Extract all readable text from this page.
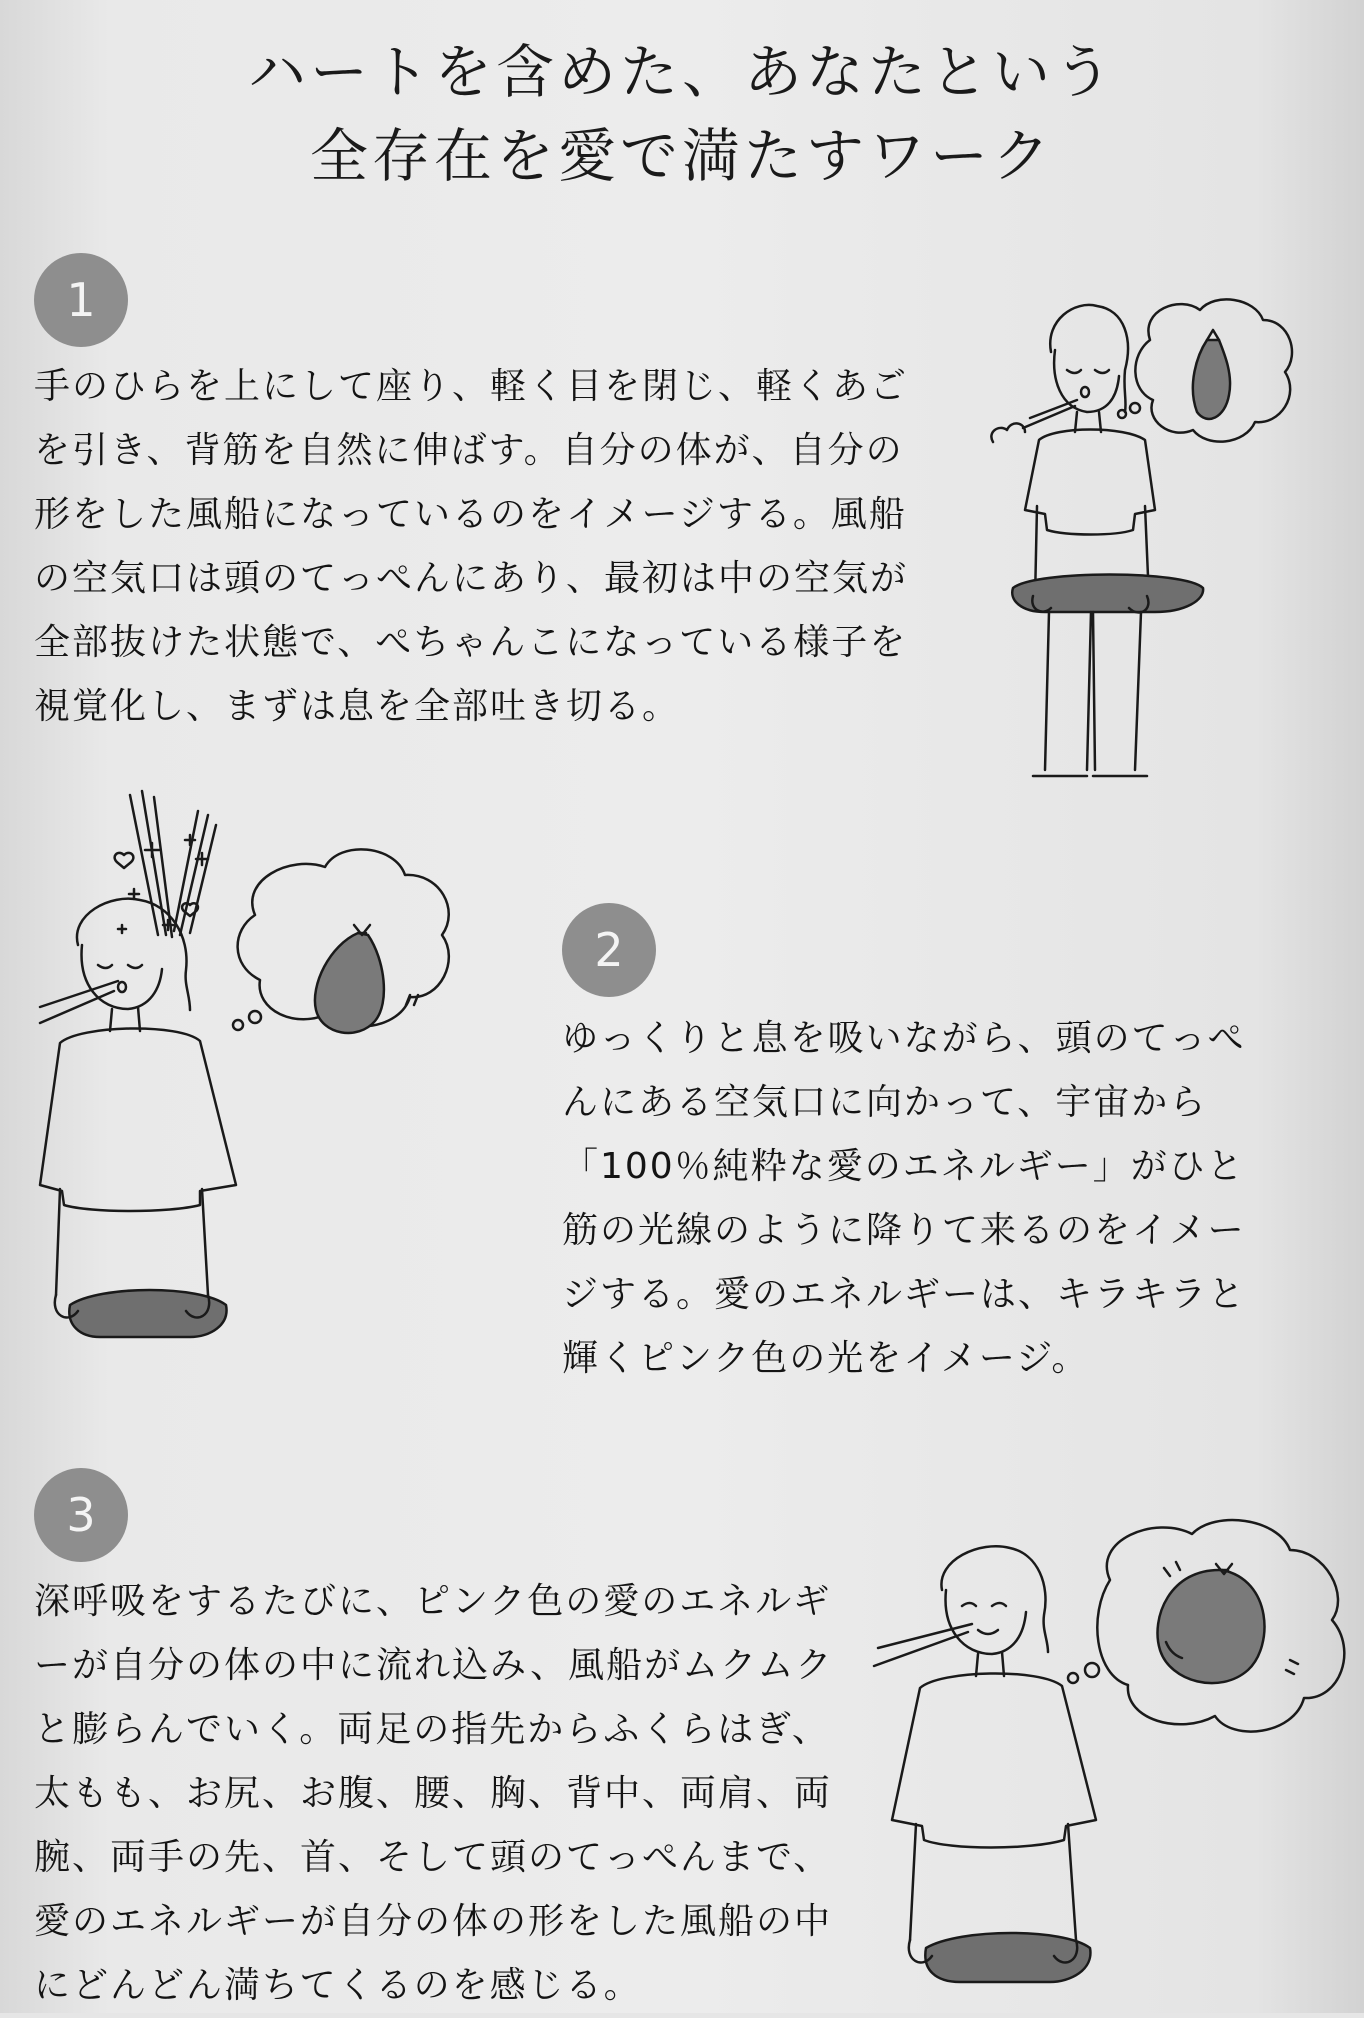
ハートを含めた、あなたという
全存在を愛で満たすワーク
1
手のひらを上にして座り、軽く目を閉じ、軽くあご
を引き、背筋を自然に伸ばす。自分の体が、自分の
形をした風船になっているのをイメージする。風船
の空気口は頭のてっぺんにあり、最初は中の空気が
全部抜けた状態で、ぺちゃんこになっている様子を
視覚化し、まずは息を全部吐き切る。
2
ゆっくりと息を吸いながら、頭のてっぺ
んにある空気口に向かって、宇宙から
「100％純粋な愛のエネルギー」がひと
筋の光線のように降りて来るのをイメー
ジする。愛のエネルギーは、キラキラと
輝くピンク色の光をイメージ。
3
深呼吸をするたびに、ピンク色の愛のエネルギ
ーが自分の体の中に流れ込み、風船がムクムク
と膨らんでいく。両足の指先からふくらはぎ、
太もも、お尻、お腹、腰、胸、背中、両肩、両
腕、両手の先、首、そして頭のてっぺんまで、
愛のエネルギーが自分の体の形をした風船の中
にどんどん満ちてくるのを感じる。
